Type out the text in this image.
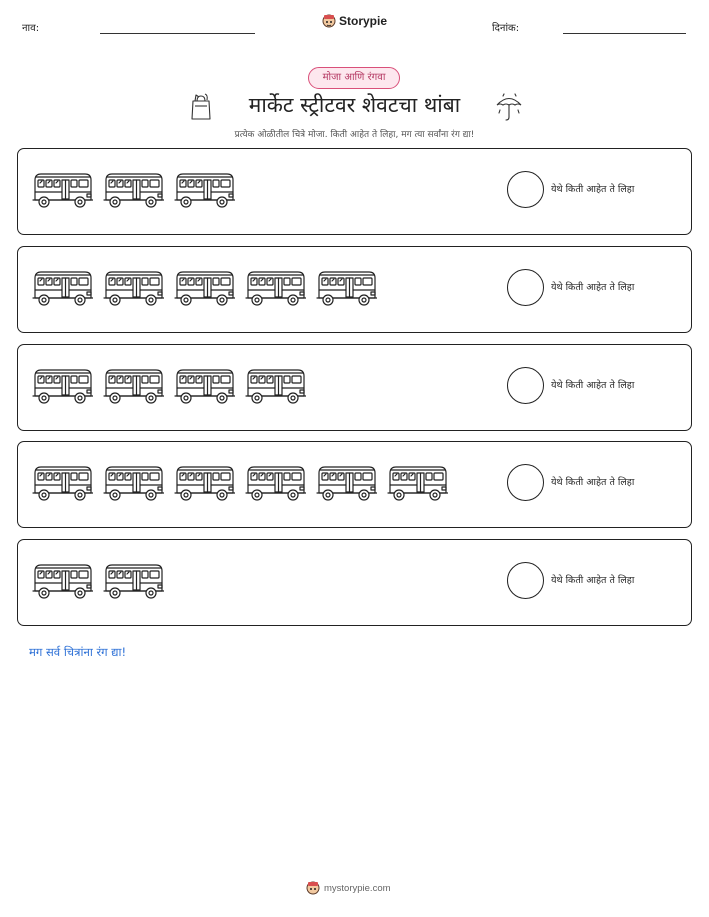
नाव:
Storypie
दिनांक:
मोजा आणि रंगवा
मार्केट स्ट्रीटवर शेवटचा थांबा
प्रत्येक ओळीतील चित्रे मोजा. किती आहेत ते लिहा, मग त्या सर्वांना रंग द्या!
येथे किती आहेत ते लिहा
येथे किती आहेत ते लिहा
येथे किती आहेत ते लिहा
येथे किती आहेत ते लिहा
येथे किती आहेत ते लिहा
मग सर्व चित्रांना रंग द्या!
mystorypie.com
